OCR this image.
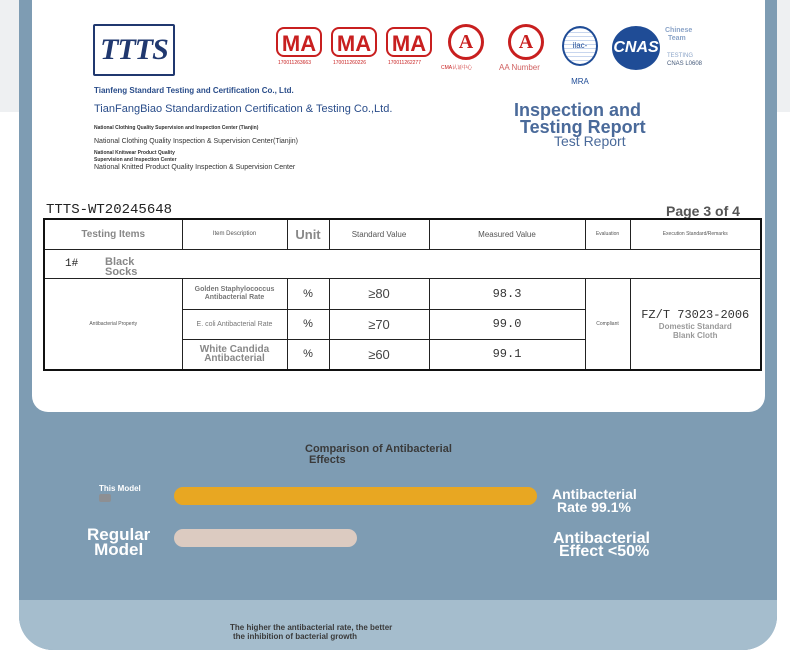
TTTS	MA
170011263663
MA
170011260226
MA
170011262277
A
CMA认证中心
A
AA Number
ilac-MRA
CNAS
Chinese
Team
TESTING
CNAS L0608
Tianfeng Standard Testing and Certification Co., Ltd.
TianFangBiao Standardization Certification & Testing Co.,Ltd.
National Clothing Quality Supervision and Inspection Center (Tianjin)
National Clothing Quality Inspection & Supervision Center(Tianjin)
National Knitwear Product Quality
Supervision and Inspection Center
National Knitted Product Quality Inspection & Supervision Center
Inspection and
Testing Report
Test Report
TTTS-WT20245648	Page 3 of 4
Testing Items	Item Description	Unit	Standard Value	Measured Value	Evaluation	Execution Standard/Remarks

1# Black Socks						

Antibacterial Property	Golden Staphylococcus Antibacterial Rate	%	≥80	98.3	Compliant	FZ/T 73023-2006
Domestic Standard
Blank Cloth

	E. coli Antibacterial Rate	%	≥70	99.0		
	White Candida Antibacterial	%	≥60	99.1		
Comparison of Antibacterial
Effects
This Model	Antibacterial
Rate 99.1%
Regular
Model
Antibacterial
Effect <50%
The higher the antibacterial rate, the better
the inhibition of bacterial growth
